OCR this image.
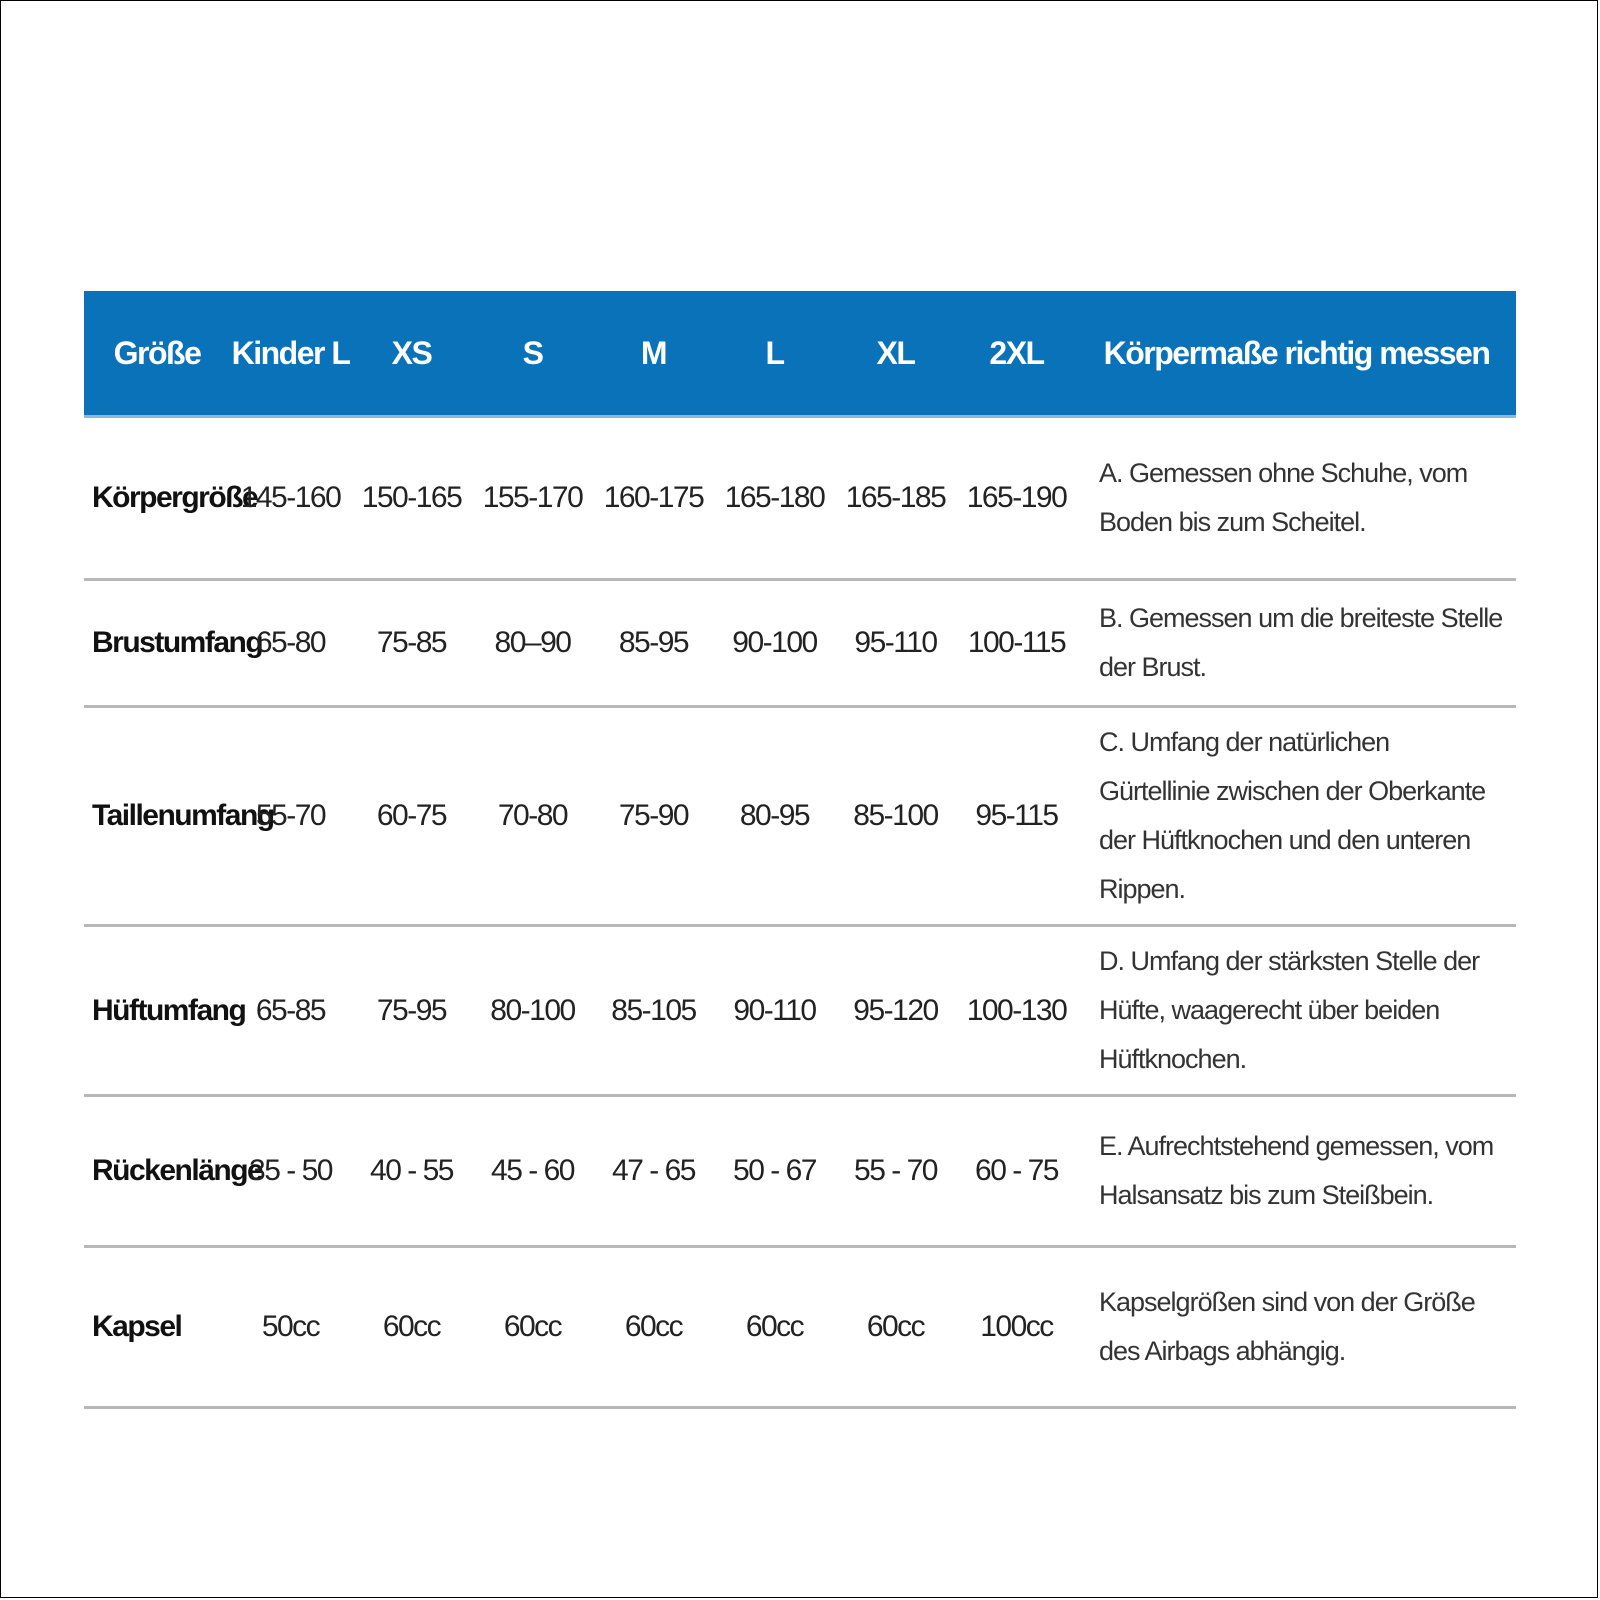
Größe	Kinder L	XS	S	M	L	XL	2XL	Körpermaße richtig messen
Körpergröße	145-160	150-165	155-170	160-175	165-180	165-185	165-190	A. Gemessen ohne Schuhe, vom Boden bis zum Scheitel.
Brustumfang	65-80	75-85	80–90	85-95	90-100	95-110	100-115	B. Gemessen um die breiteste Stelle der Brust.
Taillenumfang	55-70	60-75	70-80	75-90	80-95	85-100	95-115	C. Umfang der natürlichen Gürtellinie zwischen der Oberkante der Hüftknochen und den unteren Rippen.
Hüftumfang	65-85	75-95	80-100	85-105	90-110	95-120	100-130	D. Umfang der stärksten Stelle der Hüfte, waagerecht über beiden Hüftknochen.
Rückenlänge	35 - 50	40 - 55	45 - 60	47 - 65	50 - 67	55 - 70	60 - 75	E. Aufrechtstehend gemessen, vom Halsansatz bis zum Steißbein.
Kapsel	50cc	60cc	60cc	60cc	60cc	60cc	100cc	Kapselgrößen sind von der Größe des Airbags abhängig.
